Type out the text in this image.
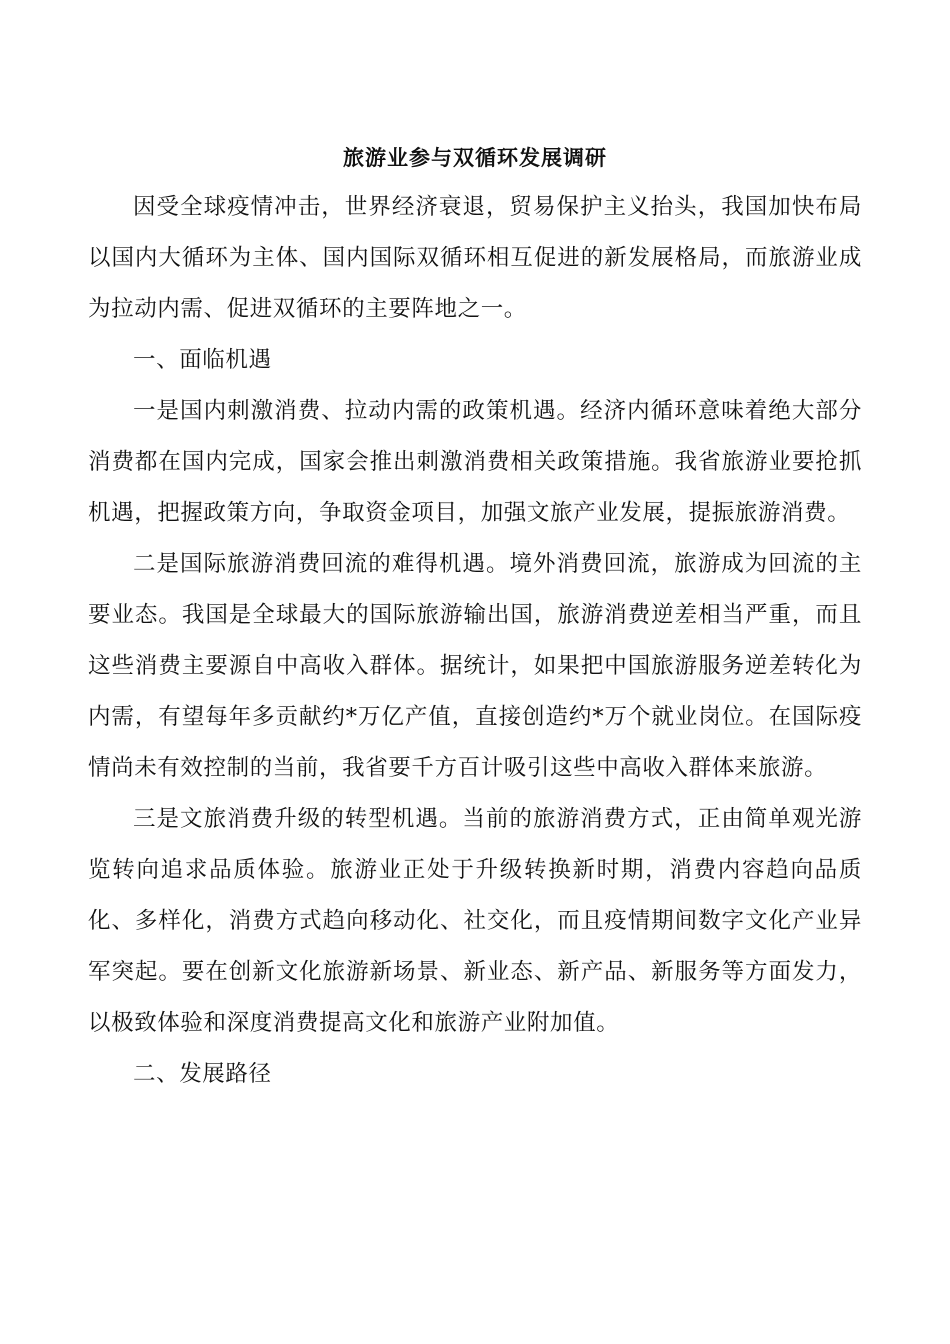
旅游业参与双循环发展调研

因受全球疫情冲击，世界经济衰退，贸易保护主义抬头，我国加快布局以国内大循环为主体、国内国际双循环相互促进的新发展格局，而旅游业成为拉动内需、促进双循环的主要阵地之一。

一、面临机遇

一是国内刺激消费、拉动内需的政策机遇。经济内循环意味着绝大部分消费都在国内完成，国家会推出刺激消费相关政策措施。我省旅游业要抢抓机遇，把握政策方向，争取资金项目，加强文旅产业发展，提振旅游消费。

二是国际旅游消费回流的难得机遇。境外消费回流，旅游成为回流的主要业态。我国是全球最大的国际旅游输出国，旅游消费逆差相当严重，而且这些消费主要源自中高收入群体。据统计，如果把中国旅游服务逆差转化为内需，有望每年多贡献约*万亿产值，直接创造约*万个就业岗位。在国际疫情尚未有效控制的当前，我省要千方百计吸引这些中高收入群体来旅游。

三是文旅消费升级的转型机遇。当前的旅游消费方式，正由简单观光游览转向追求品质体验。旅游业正处于升级转换新时期，消费内容趋向品质化、多样化，消费方式趋向移动化、社交化，而且疫情期间数字文化产业异军突起。要在创新文化旅游新场景、新业态、新产品、新服务等方面发力，以极致体验和深度消费提高文化和旅游产业附加值。

二、发展路径
